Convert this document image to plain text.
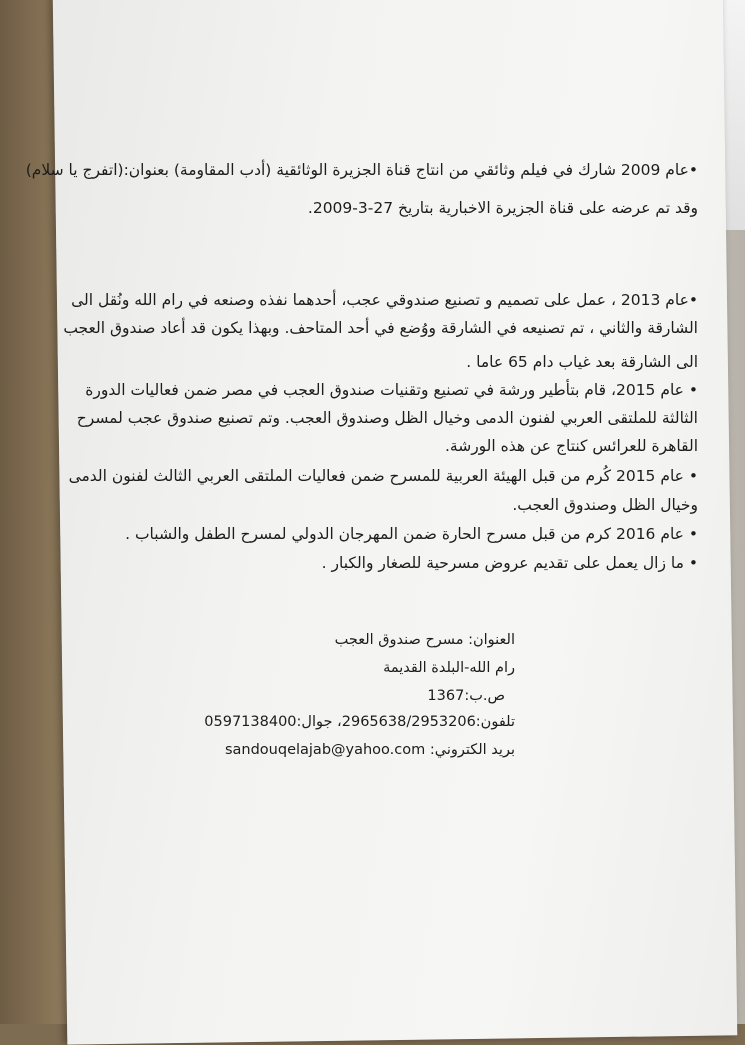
•عام 2009 شارك في فيلم وثائقي من انتاج قناة الجزيرة الوثائقية (أدب المقاومة) بعنوان:(اتفرج يا سلام)
وقد تم عرضه على قناة الجزيرة الاخبارية بتاريخ 27-3-2009.
•عام 2013 ، عمل على تصميم و تصنيع صندوقي عجب، أحدهما نفذه وصنعه في رام الله ونُقل الى
الشارقة والثاني ، تم تصنيعه في الشارقة ووُضع في أحد المتاحف. وبهذا يكون قد أعاد صندوق العجب
الى الشارقة بعد غياب دام 65 عاما .
• عام 2015، قام بتأطير ورشة في تصنيع وتقنيات صندوق العجب في مصر ضمن فعاليات الدورة
الثالثة للملتقى العربي لفنون الدمى وخيال الظل وصندوق العجب. وتم تصنيع صندوق عجب لمسرح
القاهرة للعرائس كنتاج عن هذه الورشة.
• عام 2015 كُرم من قبل الهيئة العربية للمسرح ضمن فعاليات الملتقى العربي الثالث لفنون الدمى
وخيال الظل وصندوق العجب.
• عام 2016 كرم من قبل مسرح الحارة ضمن المهرجان الدولي لمسرح الطفل والشباب .
• ما زال يعمل على تقديم عروض مسرحية للصغار والكبار .
العنوان: مسرح صندوق العجب
رام الله-البلدة القديمة
ص.ب:1367
تلفون:2965638/2953206، جوال:0597138400
بريد الكتروني: sandouqelajab@yahoo.com
